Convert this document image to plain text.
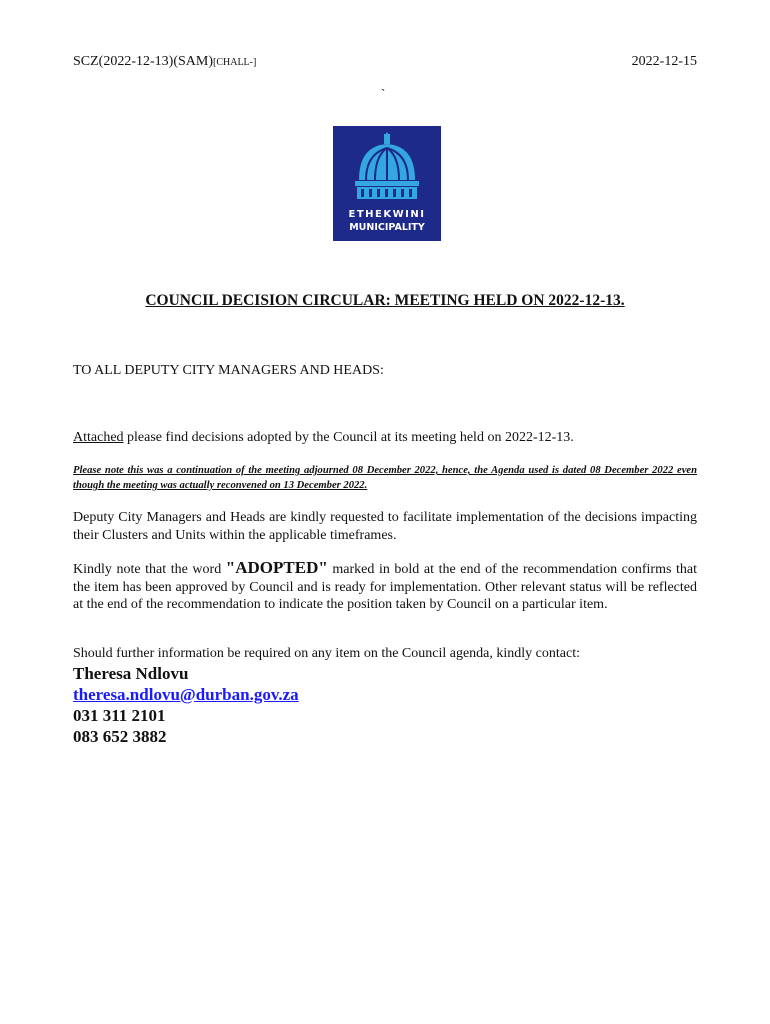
SCZ(2022-12-13)(SAM)[CHALL-]	2022-12-15
`
ETHEKWINI
MUNICIPALITY
COUNCIL DECISION CIRCULAR: MEETING HELD ON 2022-12-13.
TO ALL DEPUTY CITY MANAGERS AND HEADS:
Attached please find decisions adopted by the Council at its meeting held on 2022-12-13.
Please note this was a continuation of the meeting adjourned 08 December 2022, hence, the Agenda used is dated 08 December 2022 even though the meeting was actually reconvened on 13 December 2022.
Deputy City Managers and Heads are kindly requested to facilitate implementation of the decisions impacting their Clusters and Units within the applicable timeframes.
Kindly note that the word "ADOPTED" marked in bold at the end of the recommendation confirms that the item has been approved by Council and is ready for implementation. Other relevant status will be reflected at the end of the recommendation to indicate the position taken by Council on a particular item.
Should further information be required on any item on the Council agenda, kindly contact:
Theresa Ndlovu
theresa.ndlovu@durban.gov.za
031 311 2101
083 652 3882
